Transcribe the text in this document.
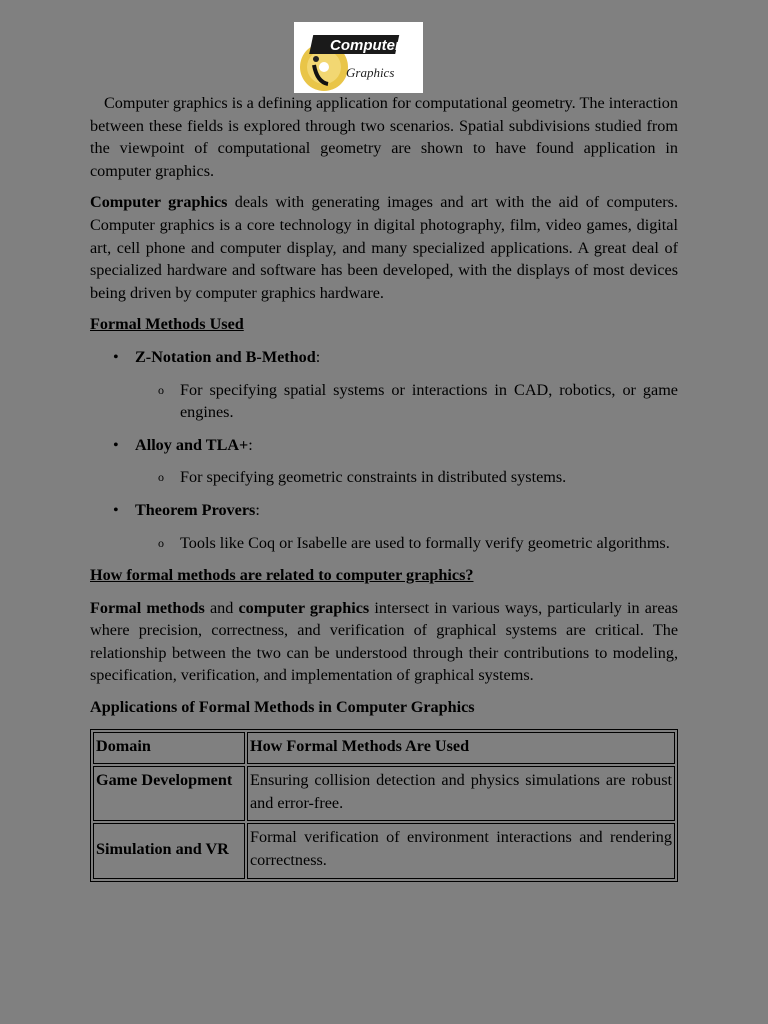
Computer
Graphics

Computer graphics is a defining application for computational geometry. The interaction between these fields is explored through two scenarios. Spatial subdivisions studied from the viewpoint of computational geometry are shown to have found application in computer graphics.

Computer graphics deals with generating images and art with the aid of computers. Computer graphics is a core technology in digital photography, film, video games, digital art, cell phone and computer display, and many specialized applications. A great deal of specialized hardware and software has been developed, with the displays of most devices being driven by computer graphics hardware.

Formal Methods Used
• Z-Notation and B-Method:
o For specifying spatial systems or interactions in CAD, robotics, or game engines.
• Alloy and TLA+:
o For specifying geometric constraints in distributed systems.
• Theorem Provers:
o Tools like Coq or Isabelle are used to formally verify geometric algorithms.
How formal methods are related to computer graphics?

Formal methods and computer graphics intersect in various ways, particularly in areas where precision, correctness, and verification of graphical systems are critical. The relationship between the two can be understood through their contributions to modeling, specification, verification, and implementation of graphical systems.

Applications of Formal Methods in Computer Graphics
Domain	How Formal Methods Are Used
Game Development	Ensuring collision detection and physics simulations are robust and error-free.
Simulation and VR	Formal verification of environment interactions and rendering correctness.
